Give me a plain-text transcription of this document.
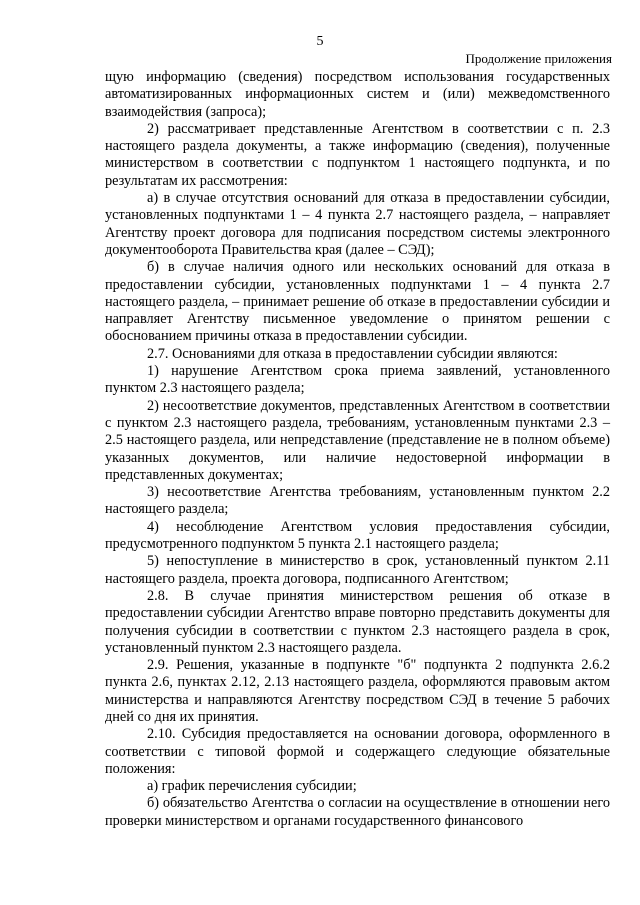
5
Продолжение приложения

щую информацию (сведения) посредством использования государственных автоматизированных информационных систем и (или) межведомственного взаимодействия (запроса);

2) рассматривает представленные Агентством в соответствии с п. 2.3 настоящего раздела документы, а также информацию (сведения), полученные министерством в соответствии с подпунктом 1 настоящего подпункта, и по результатам их рассмотрения:

а) в случае отсутствия оснований для отказа в предоставлении субсидии, установленных подпунктами 1 – 4 пункта 2.7 настоящего раздела, – направляет Агентству проект договора для подписания посредством системы электронного документооборота Правительства края (далее – СЭД);

б) в случае наличия одного или нескольких оснований для отказа в предоставлении субсидии, установленных подпунктами 1 – 4 пункта 2.7 настоящего раздела, – принимает решение об отказе в предоставлении субсидии и направляет Агентству письменное уведомление о принятом решении с обоснованием причины отказа в предоставлении субсидии.

2.7. Основаниями для отказа в предоставлении субсидии являются:

1) нарушение Агентством срока приема заявлений, установленного пунктом 2.3 настоящего раздела;

2) несоответствие документов, представленных Агентством в соответствии с пунктом 2.3 настоящего раздела, требованиям, установленным пунктами 2.3 – 2.5 настоящего раздела, или непредставление (представление не в полном объеме) указанных документов, или наличие недостоверной информации в представленных документах;

3) несоответствие Агентства требованиям, установленным пунктом 2.2 настоящего раздела;

4) несоблюдение Агентством условия предоставления субсидии, предусмотренного подпунктом 5 пункта 2.1 настоящего раздела;

5) непоступление в министерство в срок, установленный пунктом 2.11 настоящего раздела, проекта договора, подписанного Агентством;

2.8. В случае принятия министерством решения об отказе в предоставлении субсидии Агентство вправе повторно представить документы для получения субсидии в соответствии с пунктом 2.3 настоящего раздела в срок, установленный пунктом 2.3 настоящего раздела.

2.9. Решения, указанные в подпункте "б" подпункта 2 подпункта 2.6.2 пункта 2.6, пунктах 2.12, 2.13 настоящего раздела, оформляются правовым актом министерства и направляются Агентству посредством СЭД в течение 5 рабочих дней со дня их принятия.

2.10. Субсидия предоставляется на основании договора, оформленного в соответствии с типовой формой и содержащего следующие обязательные положения:

а) график перечисления субсидии;

б) обязательство Агентства о согласии на осуществление в отношении него проверки министерством и органами государственного финансового
